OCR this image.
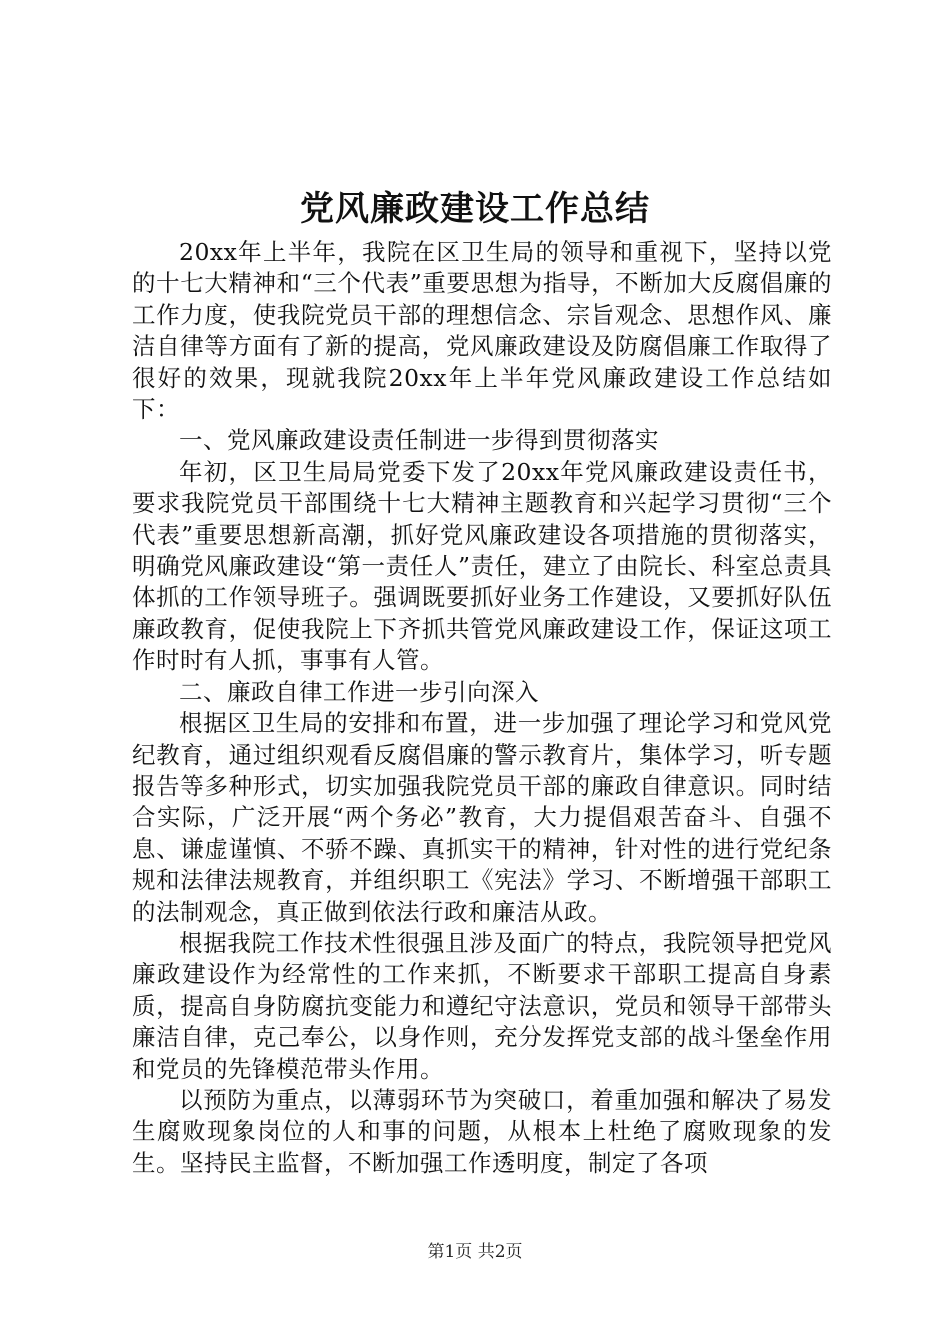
党风廉政建设工作总结

20xx年上半年，我院在区卫生局的领导和重视下，坚持以党的十七大精神和“三个代表”重要思想为指导，不断加大反腐倡廉的工作力度，使我院党员干部的理想信念、宗旨观念、思想作风、廉洁自律等方面有了新的提高，党风廉政建设及防腐倡廉工作取得了很好的效果，现就我院20xx年上半年党风廉政建设工作总结如下：

一、党风廉政建设责任制进一步得到贯彻落实

年初，区卫生局局党委下发了20xx年党风廉政建设责任书，要求我院党员干部围绕十七大精神主题教育和兴起学习贯彻“三个代表”重要思想新高潮，抓好党风廉政建设各项措施的贯彻落实，明确党风廉政建设“第一责任人”责任，建立了由院长、科室总责具体抓的工作领导班子。强调既要抓好业务工作建设，又要抓好队伍廉政教育，促使我院上下齐抓共管党风廉政建设工作，保证这项工作时时有人抓，事事有人管。

二、廉政自律工作进一步引向深入

根据区卫生局的安排和布置，进一步加强了理论学习和党风党纪教育，通过组织观看反腐倡廉的警示教育片，集体学习，听专题报告等多种形式，切实加强我院党员干部的廉政自律意识。同时结合实际，广泛开展“两个务必”教育，大力提倡艰苦奋斗、自强不息、谦虚谨慎、不骄不躁、真抓实干的精神，针对性的进行党纪条规和法律法规教育，并组织职工《宪法》学习、不断增强干部职工的法制观念，真正做到依法行政和廉洁从政。

根据我院工作技术性很强且涉及面广的特点，我院领导把党风廉政建设作为经常性的工作来抓，不断要求干部职工提高自身素质，提高自身防腐抗变能力和遵纪守法意识，党员和领导干部带头廉洁自律，克己奉公，以身作则，充分发挥党支部的战斗堡垒作用和党员的先锋模范带头作用。

以预防为重点，以薄弱环节为突破口，着重加强和解决了易发生腐败现象岗位的人和事的问题，从根本上杜绝了腐败现象的发生。坚持民主监督，不断加强工作透明度，制定了各项

第1页 共2页
